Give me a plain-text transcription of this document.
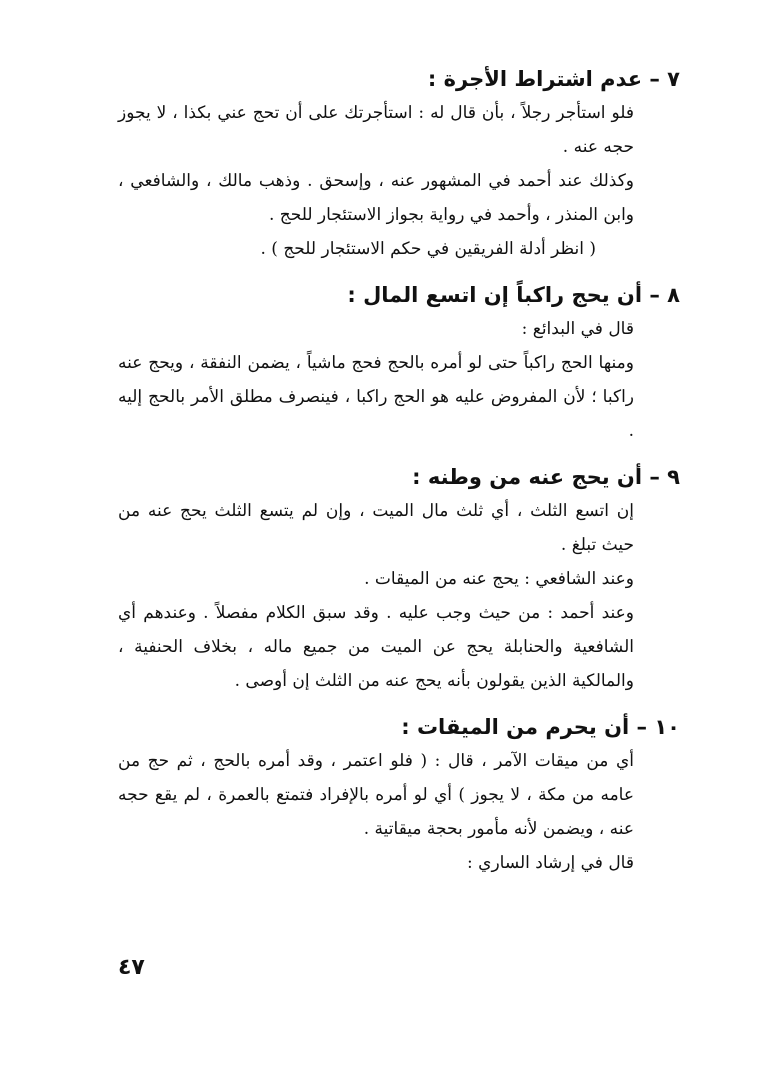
٧ – عدم اشتراط الأجرة :

فلو استأجر رجلاً ، بأن قال له : استأجرتك على أن تحج عني بكذا ، لا يجوز حجه عنه .

وكذلك عند أحمد في المشهور عنه ، وإسحق . وذهب مالك ، والشافعي ، وابن المنذر ، وأحمد في رواية بجواز الاستئجار للحج .

( انظر أدلة الفريقين في حكم الاستئجار للحج ) .

٨ – أن يحج راكباً إن اتسع المال :

قال في البدائع :

ومنها الحج راكباً حتى لو أمره بالحج فحج ماشياً ، يضمن النفقة ، ويحج عنه راكبا ؛ لأن المفروض عليه هو الحج راكبا ، فينصرف مطلق الأمر بالحج إليه .

٩ – أن يحج عنه من وطنه :

إن اتسع الثلث ، أي ثلث مال الميت ، وإن لم يتسع الثلث يحج عنه من حيث تبلغ .

وعند الشافعي : يحج عنه من الميقات .

وعند أحمد : من حيث وجب عليه . وقد سبق الكلام مفصلاً . وعندهم أي الشافعية والحنابلة يحج عن الميت من جميع ماله ، بخلاف الحنفية ، والمالكية الذين يقولون بأنه يحج عنه من الثلث إن أوصى .

١٠ – أن يحرم من الميقات :

أي من ميقات الآمر ، قال : ( فلو اعتمر ، وقد أمره بالحج ، ثم حج من عامه من مكة ، لا يجوز ) أي لو أمره بالإفراد فتمتع بالعمرة ، لم يقع حجه عنه ، ويضمن لأنه مأمور بحجة ميقاتية .

قال في إرشاد الساري :

٤٧
